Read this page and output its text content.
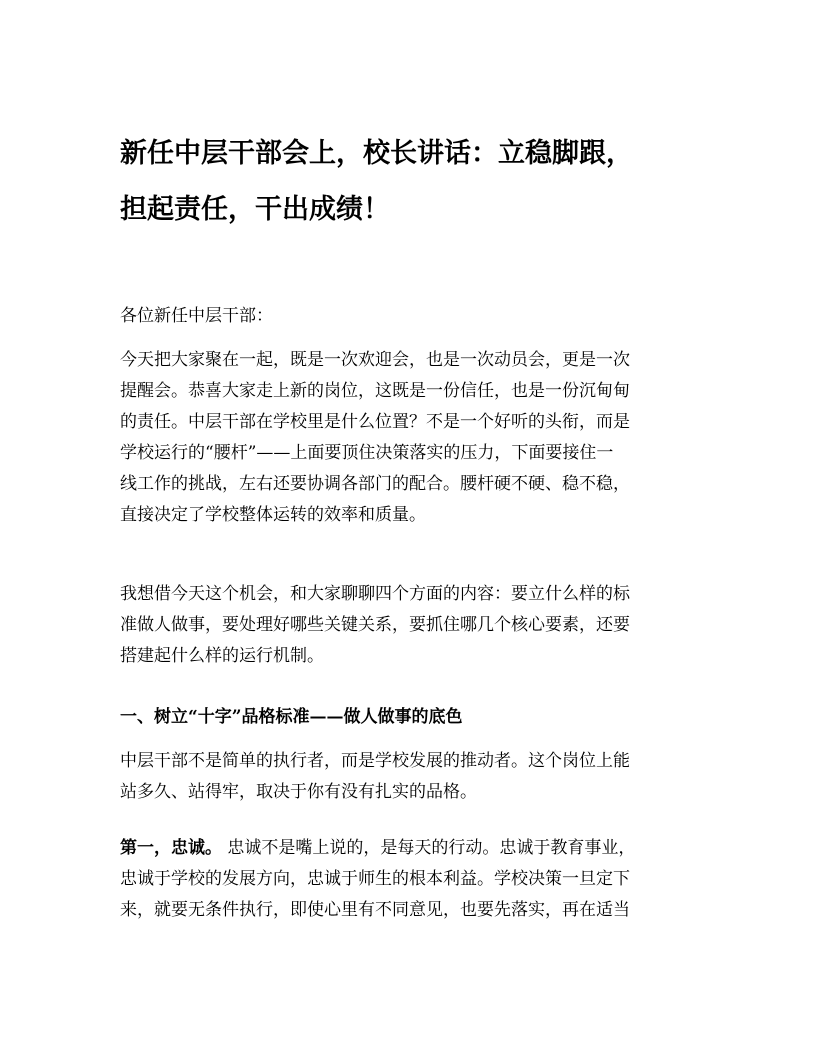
新任中层干部会上，校长讲话：立稳脚跟，
担起责任，干出成绩！

各位新任中层干部：

今天把大家聚在一起，既是一次欢迎会，也是一次动员会，更是一次
提醒会。恭喜大家走上新的岗位，这既是一份信任，也是一份沉甸甸
的责任。中层干部在学校里是什么位置？不是一个好听的头衔，而是
学校运行的“腰杆”——上面要顶住决策落实的压力，下面要接住一
线工作的挑战，左右还要协调各部门的配合。腰杆硬不硬、稳不稳，
直接决定了学校整体运转的效率和质量。

我想借今天这个机会，和大家聊聊四个方面的内容：要立什么样的标
准做人做事，要处理好哪些关键关系，要抓住哪几个核心要素，还要
搭建起什么样的运行机制。

一、树立“十字”品格标准——做人做事的底色

中层干部不是简单的执行者，而是学校发展的推动者。这个岗位上能
站多久、站得牢，取决于你有没有扎实的品格。

第一，忠诚。 忠诚不是嘴上说的，是每天的行动。忠诚于教育事业，
忠诚于学校的发展方向，忠诚于师生的根本利益。学校决策一旦定下
来，就要无条件执行，即使心里有不同意见，也要先落实，再在适当
